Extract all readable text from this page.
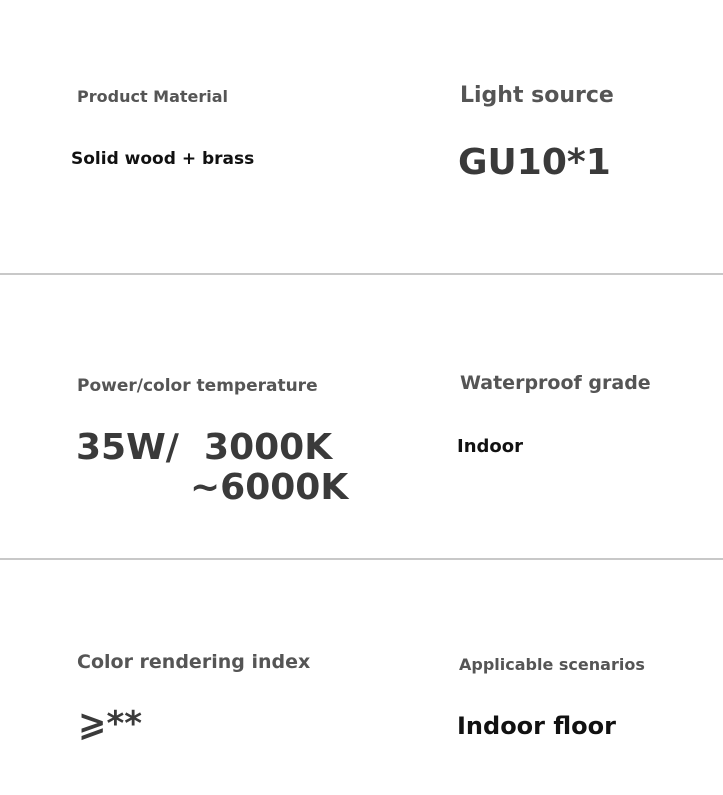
Product Material
Solid wood + brass
Light source
GU10*1
Power/color temperature
35W/  3000K
~6000K
Waterproof grade
Indoor
Color rendering index
⩾**
Applicable scenarios
Indoor floor
